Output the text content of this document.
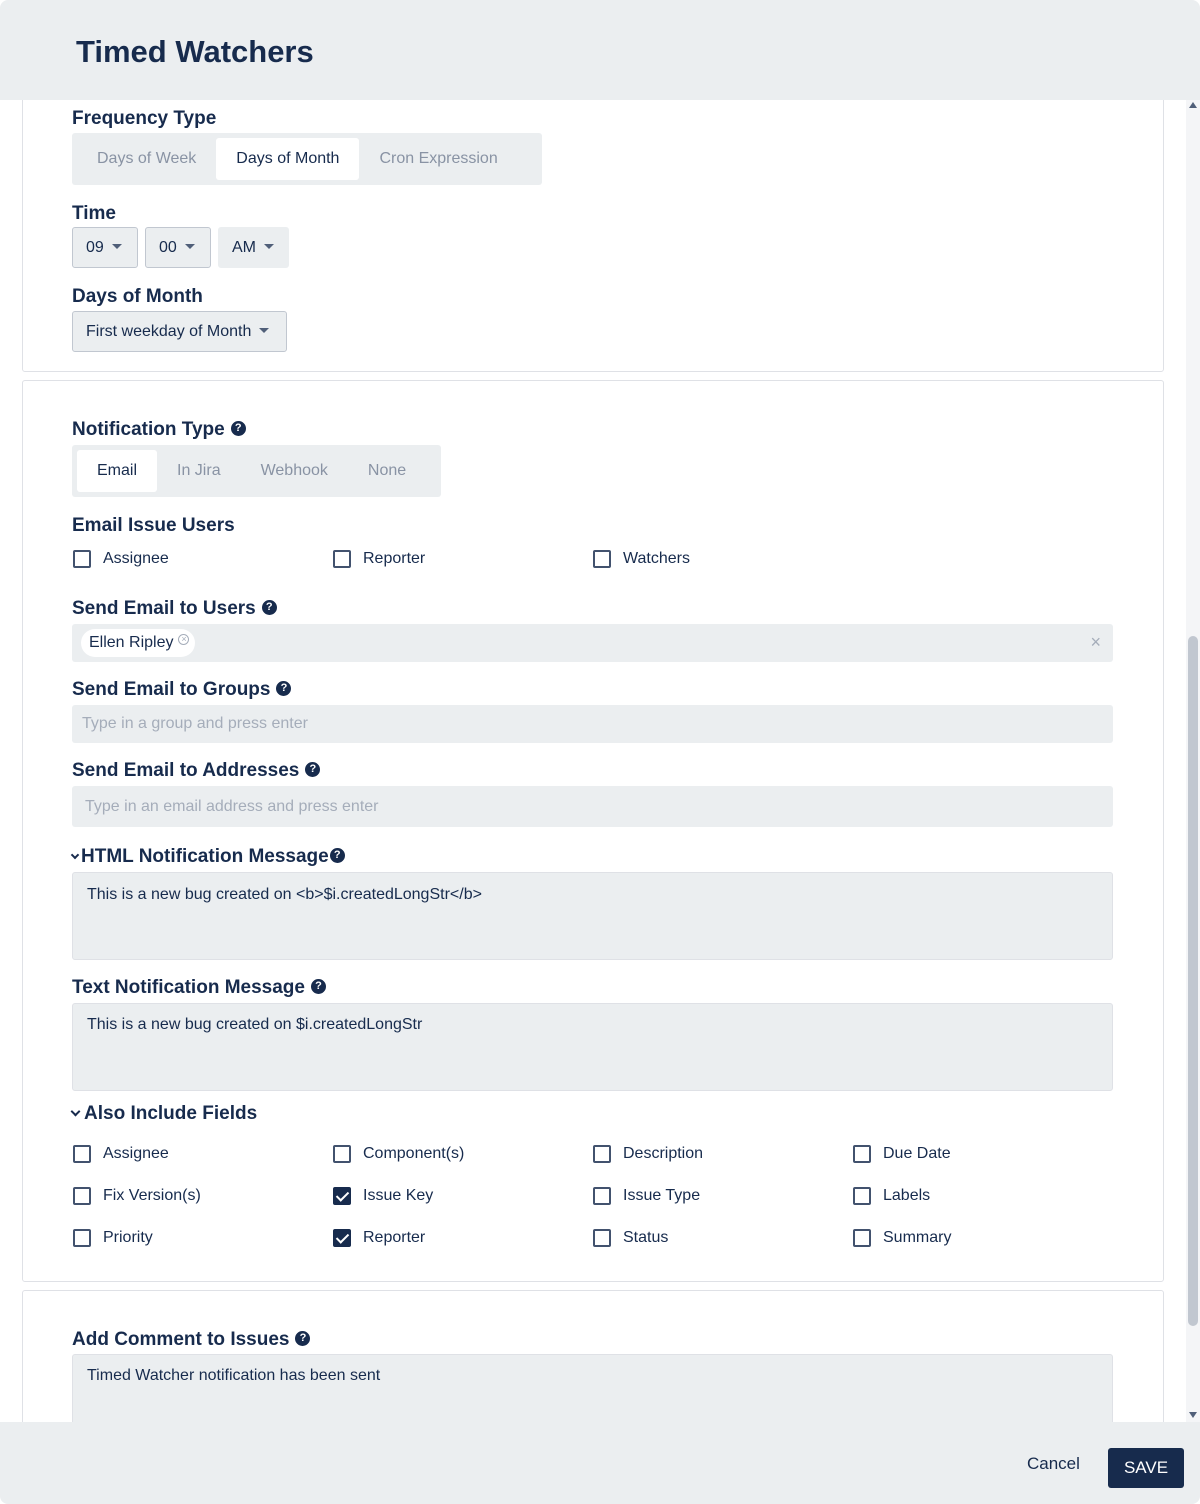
Timed Watchers
Frequency Type
Days of Week	Days of Month	Cron Expression
Time
09	00	AM
Days of Month
First weekday of Month
Notification Type ?
Email	In Jira	Webhook	None
Email Issue Users
Assignee	Reporter	Watchers
Send Email to Users ?
Ellen Ripley ×	×
Send Email to Groups ?
Type in a group and press enter
Send Email to Addresses ?
Type in an email address and press enter
HTML Notification Message ?
This is a new bug created on <b>$i.createdLongStr</b>
Text Notification Message ?
This is a new bug created on $i.createdLongStr
Also Include Fields
Assignee	Component(s)	Description	Due Date
Fix Version(s)	Issue Key	Issue Type	Labels
Priority	Reporter	Status	Summary
Add Comment to Issues ?
Timed Watcher notification has been sent
Cancel	SAVE
